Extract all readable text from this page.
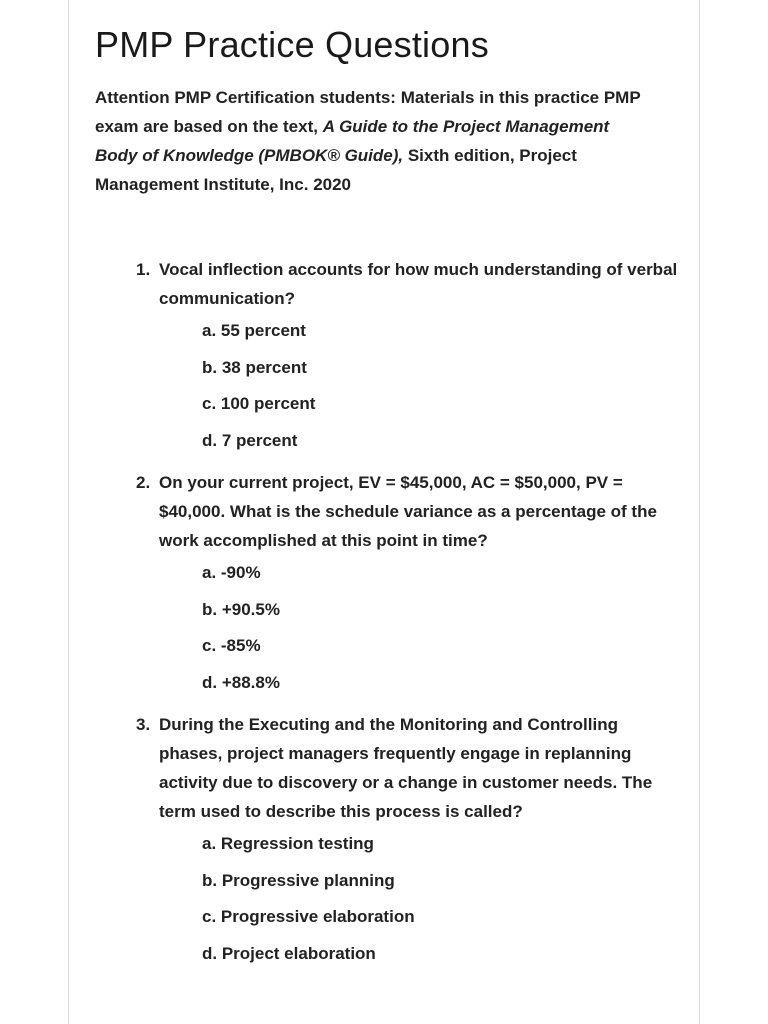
PMP Practice Questions

Attention PMP Certification students: Materials in this practice PMP exam are based on the text, A Guide to the Project Management Body of Knowledge (PMBOK® Guide), Sixth edition, Project Management Institute, Inc. 2020

1. Vocal inflection accounts for how much understanding of verbal communication?
a. 55 percent
b. 38 percent
c. 100 percent
d. 7 percent
2. On your current project, EV = $45,000, AC = $50,000, PV = $40,000. What is the schedule variance as a percentage of the work accomplished at this point in time?
a. -90%
b. +90.5%
c. -85%
d. +88.8%
3. During the Executing and the Monitoring and Controlling phases, project managers frequently engage in replanning activity due to discovery or a change in customer needs. The term used to describe this process is called?
a. Regression testing
b. Progressive planning
c. Progressive elaboration
d. Project elaboration
